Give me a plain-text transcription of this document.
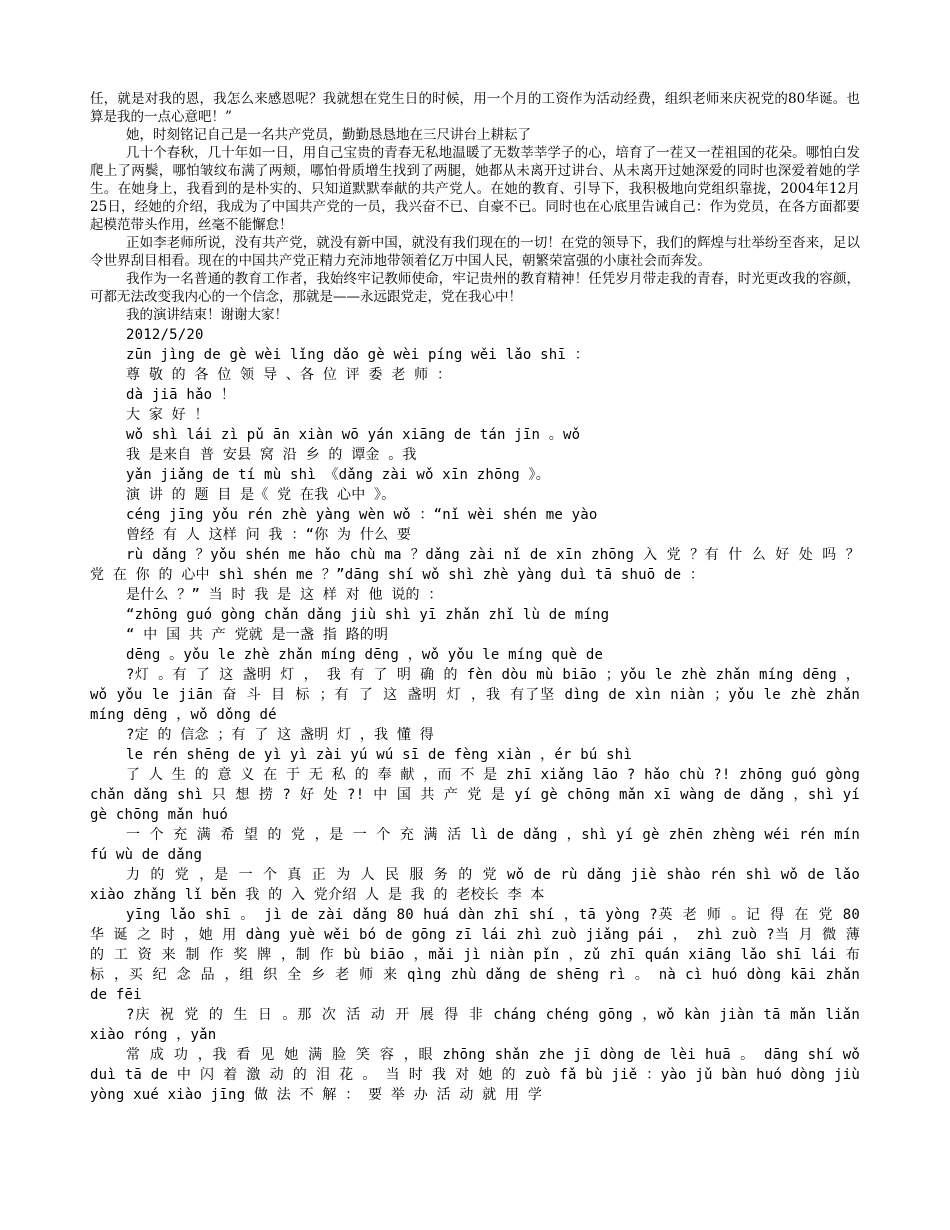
任，就是对我的恩，我怎么来感恩呢？我就想在党生日的时候，用一个月的工资作为活动经费，组织老师来庆祝党的80华诞。也算是我的一点心意吧！”

她，时刻铭记自己是一名共产党员，勤勤恳恳地在三尺讲台上耕耘了

几十个春秋，几十年如一日，用自己宝贵的青春无私地温暖了无数莘莘学子的心，培育了一茬又一茬祖国的花朵。哪怕白发爬上了两鬓，哪怕皱纹布满了两颊，哪怕骨质增生找到了两腿，她都从未离开过讲台、从未离开过她深爱的同时也深爱着她的学生。在她身上，我看到的是朴实的、只知道默默奉献的共产党人。在她的教育、引导下，我积极地向党组织靠拢，2004年12月25日，经她的介绍，我成为了中国共产党的一员，我兴奋不已、自豪不已。同时也在心底里告诫自己：作为党员，在各方面都要起模范带头作用，丝毫不能懈怠！

正如李老师所说，没有共产党，就没有新中国，就没有我们现在的一切！在党的领导下，我们的辉煌与壮举纷至沓来，足以令世界刮目相看。现在的中国共产党正精力充沛地带领着亿万中国人民，朝繁荣富强的小康社会而奔发。

我作为一名普通的教育工作者，我始终牢记教师使命，牢记贵州的教育精神！任凭岁月带走我的青春，时光更改我的容颜，可都无法改变我内心的一个信念，那就是——永远跟党走，党在我心中！

我的演讲结束！谢谢大家！

2012/5/20

zūn jìng de gè wèi lǐng dǎo gè wèi píng wěi lǎo shī ：

尊 敬 的 各 位 领 导 、各 位 评 委 老 师 ：

dà jiā hǎo ！

大 家 好 ！

wǒ shì lái zì pǔ ān xiàn wō yán xiāng de tán jīn 。wǒ

我 是来自 普 安县 窝 沿 乡 的 谭金 。我

yǎn jiǎng de tí mù shì 《dǎng zài wǒ xīn zhōng 》。

演 讲 的 题 目 是《 党 在我 心中 》。

céng jīng yǒu rén zhè yàng wèn wǒ ：“nǐ wèi shén me yào

曾经 有 人 这样 问 我 ：“你 为 什么 要

rù dǎng ？yǒu shén me hǎo chù ma ？dǎng zài nǐ de xīn zhōng 入 党 ？有 什 么 好 处 吗 ？ 党 在 你 的 心中 shì shén me ？”dāng shí wǒ shì zhè yàng duì tā shuō de ：

是什么 ？” 当 时 我 是 这 样 对 他 说的 ：

“zhōng guó gòng chǎn dǎng jiù shì yī zhǎn zhǐ lù de míng

“ 中 国 共 产 党就 是一盏 指 路的明

dēng 。yǒu le zhè zhǎn míng dēng ，wǒ yǒu le míng què de

?灯 。有 了 这 盏明 灯 ， 我 有 了 明 确 的 fèn dòu mù biāo ；yǒu le zhè zhǎn míng dēng ，wǒ yǒu le jiān 奋 斗 目 标 ；有 了 这 盏明 灯 ，我 有了坚 dìng de xìn niàn ；yǒu le zhè zhǎn míng dēng ，wǒ dǒng dé

?定 的 信念 ；有 了 这 盏明 灯 ，我 懂 得

le rén shēng de yì yì zài yú wú sī de fèng xiàn ，ér bú shì

了 人 生 的 意 义 在 于 无 私 的 奉 献 ，而 不 是 zhī xiǎng lāo ? hǎo chù ?! zhōng guó gòng chǎn dǎng shì 只 想 捞 ? 好 处 ?! 中 国 共 产 党 是 yí gè chōng mǎn xī wàng de dǎng ，shì yí gè chōng mǎn huó

一 个 充 满 希 望 的 党 ，是 一 个 充 满 活 lì de dǎng ，shì yí gè zhēn zhèng wéi rén mín fú wù de dǎng

力 的 党 ，是 一 个 真 正 为 人 民 服 务 的 党 wǒ de rù dǎng jiè shào rén shì wǒ de lǎo xiào zhǎng lǐ běn 我 的 入 党介绍 人 是 我 的 老校长 李 本

yīng lǎo shī 。 jì de zài dǎng 80 huá dàn zhī shí ，tā yòng ?英 老 师 。记 得 在 党 80 华 诞 之 时 ，她 用 dàng yuè wěi bó de gōng zī lái zhì zuò jiǎng pái ， zhì zuò ?当 月 微 薄 的 工 资 来 制 作 奖 牌 ，制 作 bù biāo ，mǎi jì niàn pǐn ，zǔ zhī quán xiāng lǎo shī lái 布 标 ，买 纪 念 品 ，组 织 全 乡 老 师 来 qìng zhù dǎng de shēng rì 。 nà cì huó dòng kāi zhǎn de fēi

?庆 祝 党 的 生 日 。那 次 活 动 开 展 得 非 cháng chéng gōng ，wǒ kàn jiàn tā mǎn liǎn xiào róng ，yǎn

常 成 功 ，我 看 见 她 满 脸 笑 容 ，眼 zhōng shǎn zhe jī dòng de lèi huā 。 dāng shí wǒ duì tā de 中 闪 着 激 动 的 泪 花 。 当 时 我 对 她 的 zuò fǎ bù jiě ：yào jǔ bàn huó dòng jiù yòng xué xiào jīng 做 法 不 解 ： 要 举 办 活 动 就 用 学
